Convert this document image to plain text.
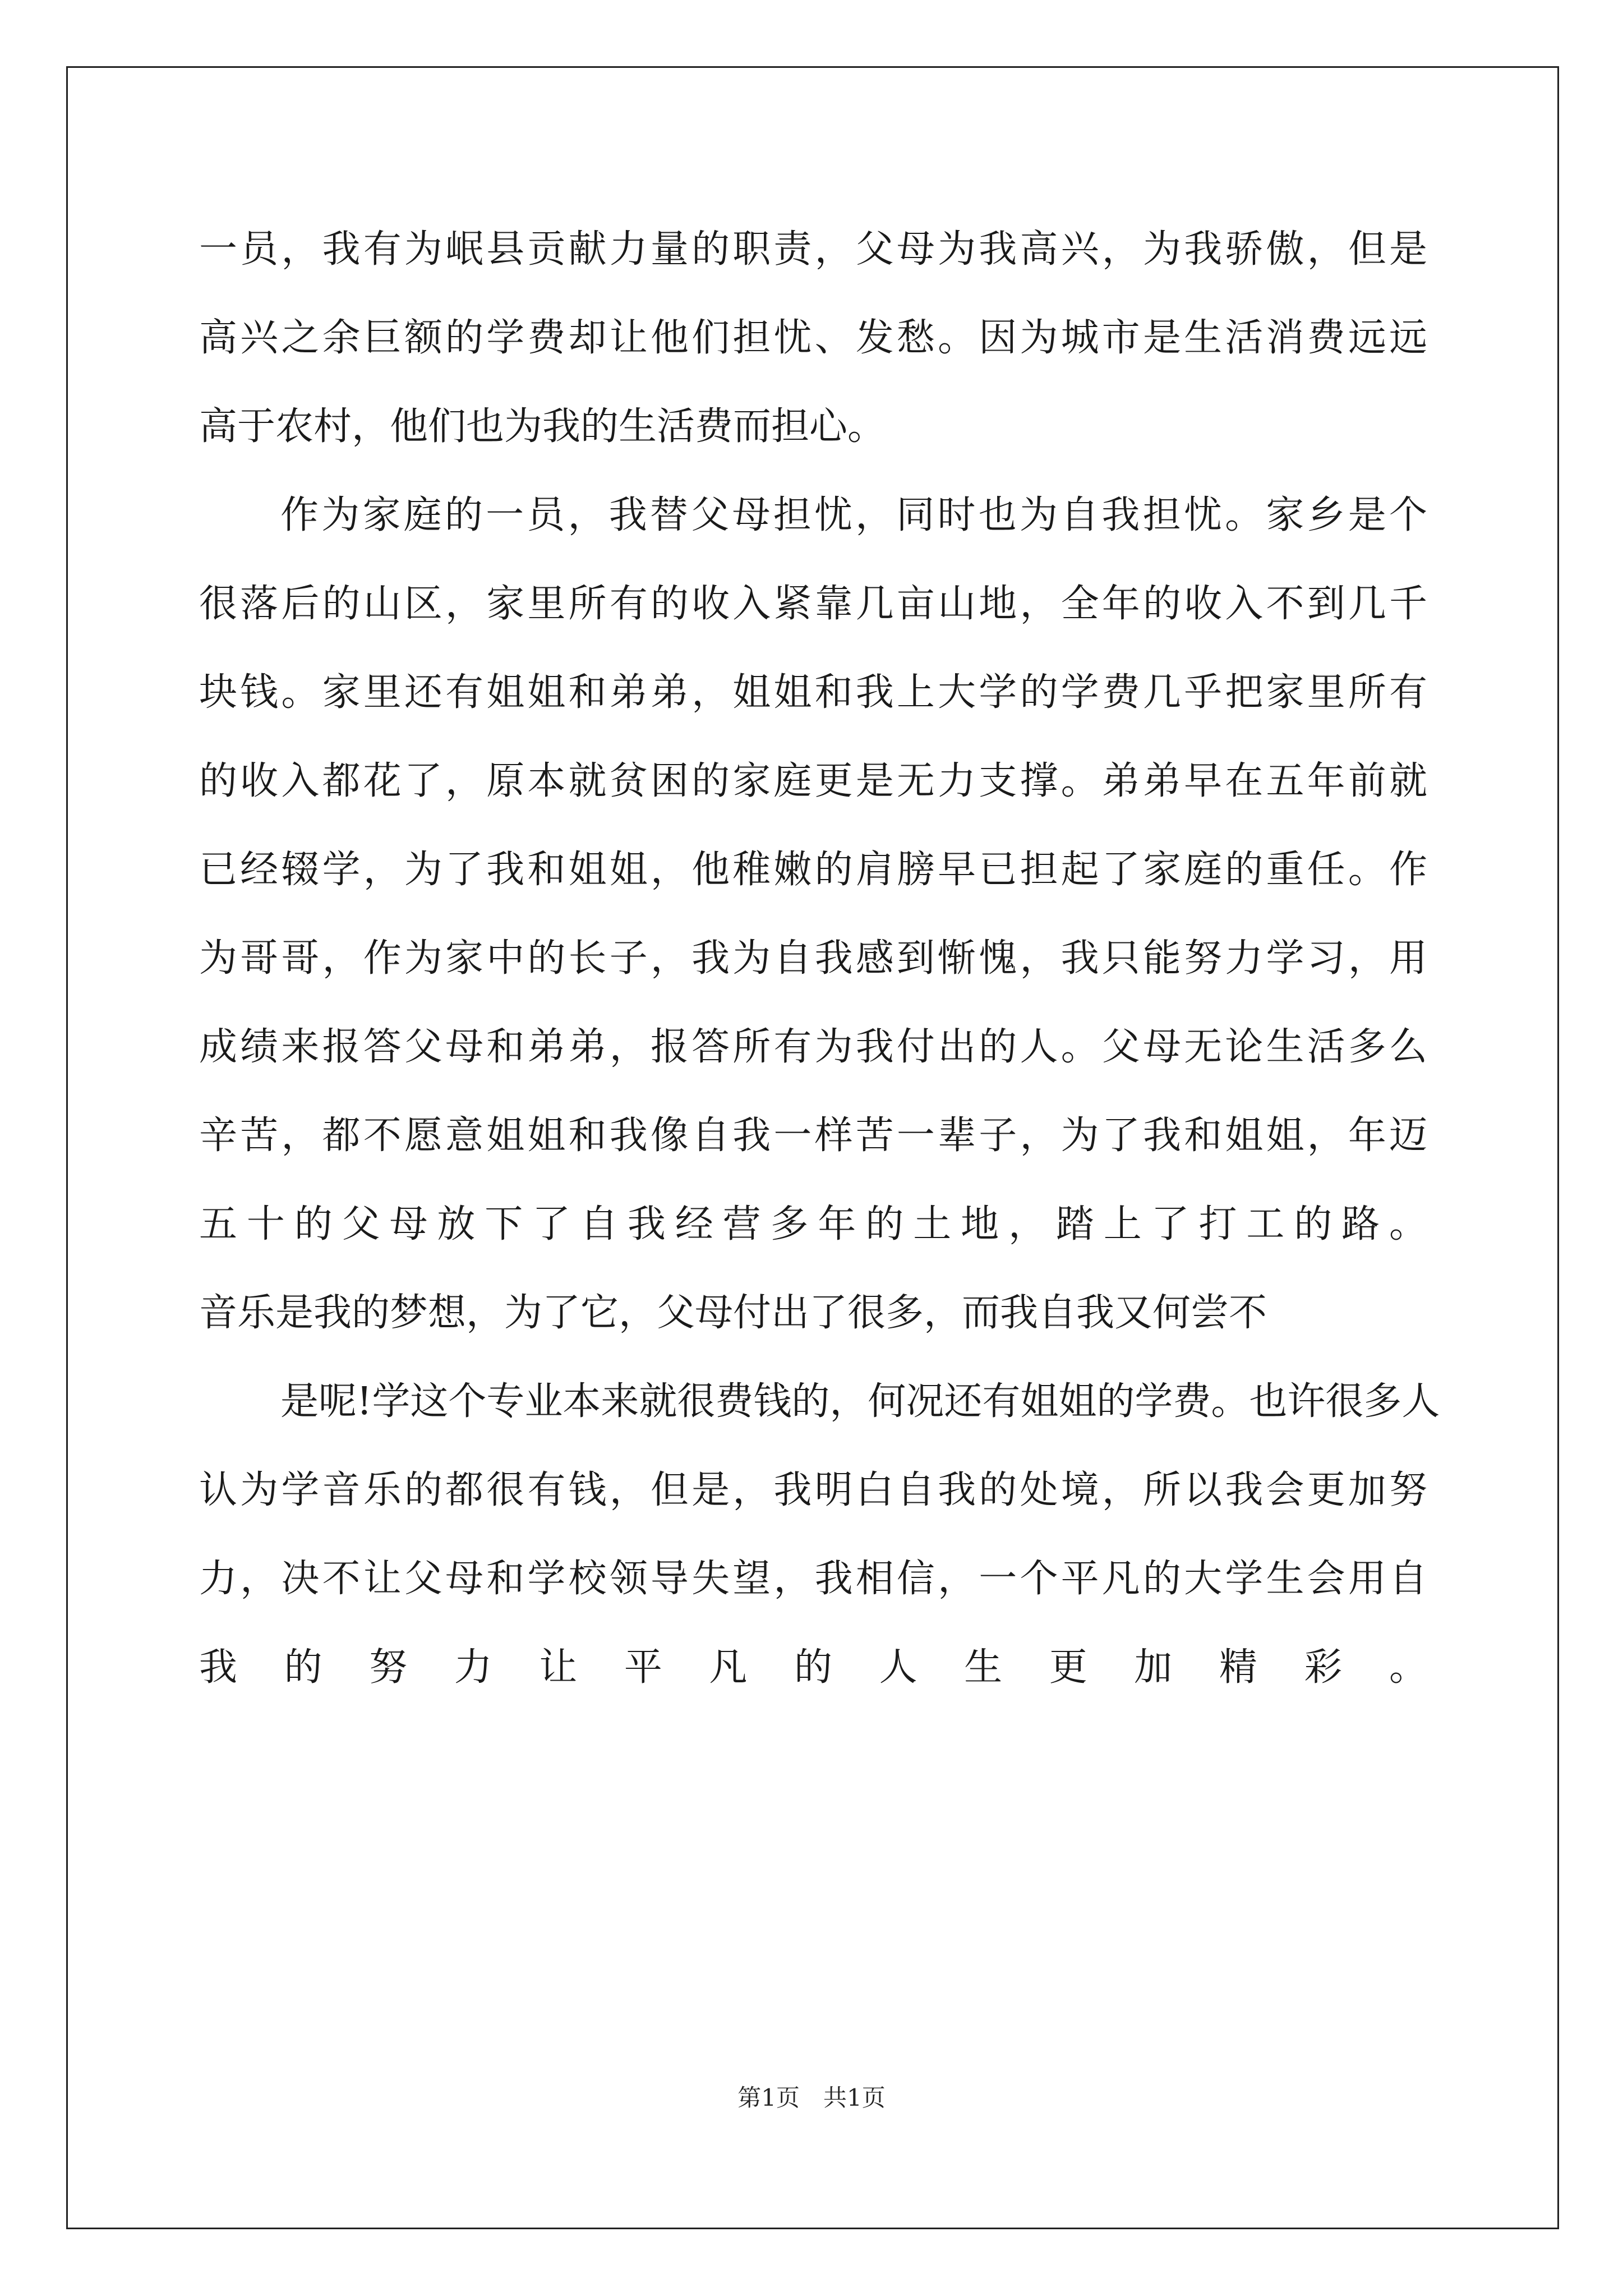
一员，我有为岷县贡献力量的职责，父母为我高兴，为我骄傲，但是
高兴之余巨额的学费却让他们担忧、发愁。因为城市是生活消费远远
高于农村，他们也为我的生活费而担心。
作为家庭的一员，我替父母担忧，同时也为自我担忧。家乡是个
很落后的山区，家里所有的收入紧靠几亩山地，全年的收入不到几千
块钱。家里还有姐姐和弟弟，姐姐和我上大学的学费几乎把家里所有
的收入都花了，原本就贫困的家庭更是无力支撑。弟弟早在五年前就
已经辍学，为了我和姐姐，他稚嫩的肩膀早已担起了家庭的重任。作
为哥哥，作为家中的长子，我为自我感到惭愧，我只能努力学习，用
成绩来报答父母和弟弟，报答所有为我付出的人。父母无论生活多么
辛苦，都不愿意姐姐和我像自我一样苦一辈子，为了我和姐姐，年迈
五十的父母放下了自我经营多年的土地，踏上了打工的路。
音乐是我的梦想，为了它，父母付出了很多，而我自我又何尝不
是呢!学这个专业本来就很费钱的，何况还有姐姐的学费。也许很多人
认为学音乐的都很有钱，但是，我明白自我的处境，所以我会更加努
力，决不让父母和学校领导失望，我相信，一个平凡的大学生会用自
我的努力让平凡的人生更加精彩。
第1页　共1页
